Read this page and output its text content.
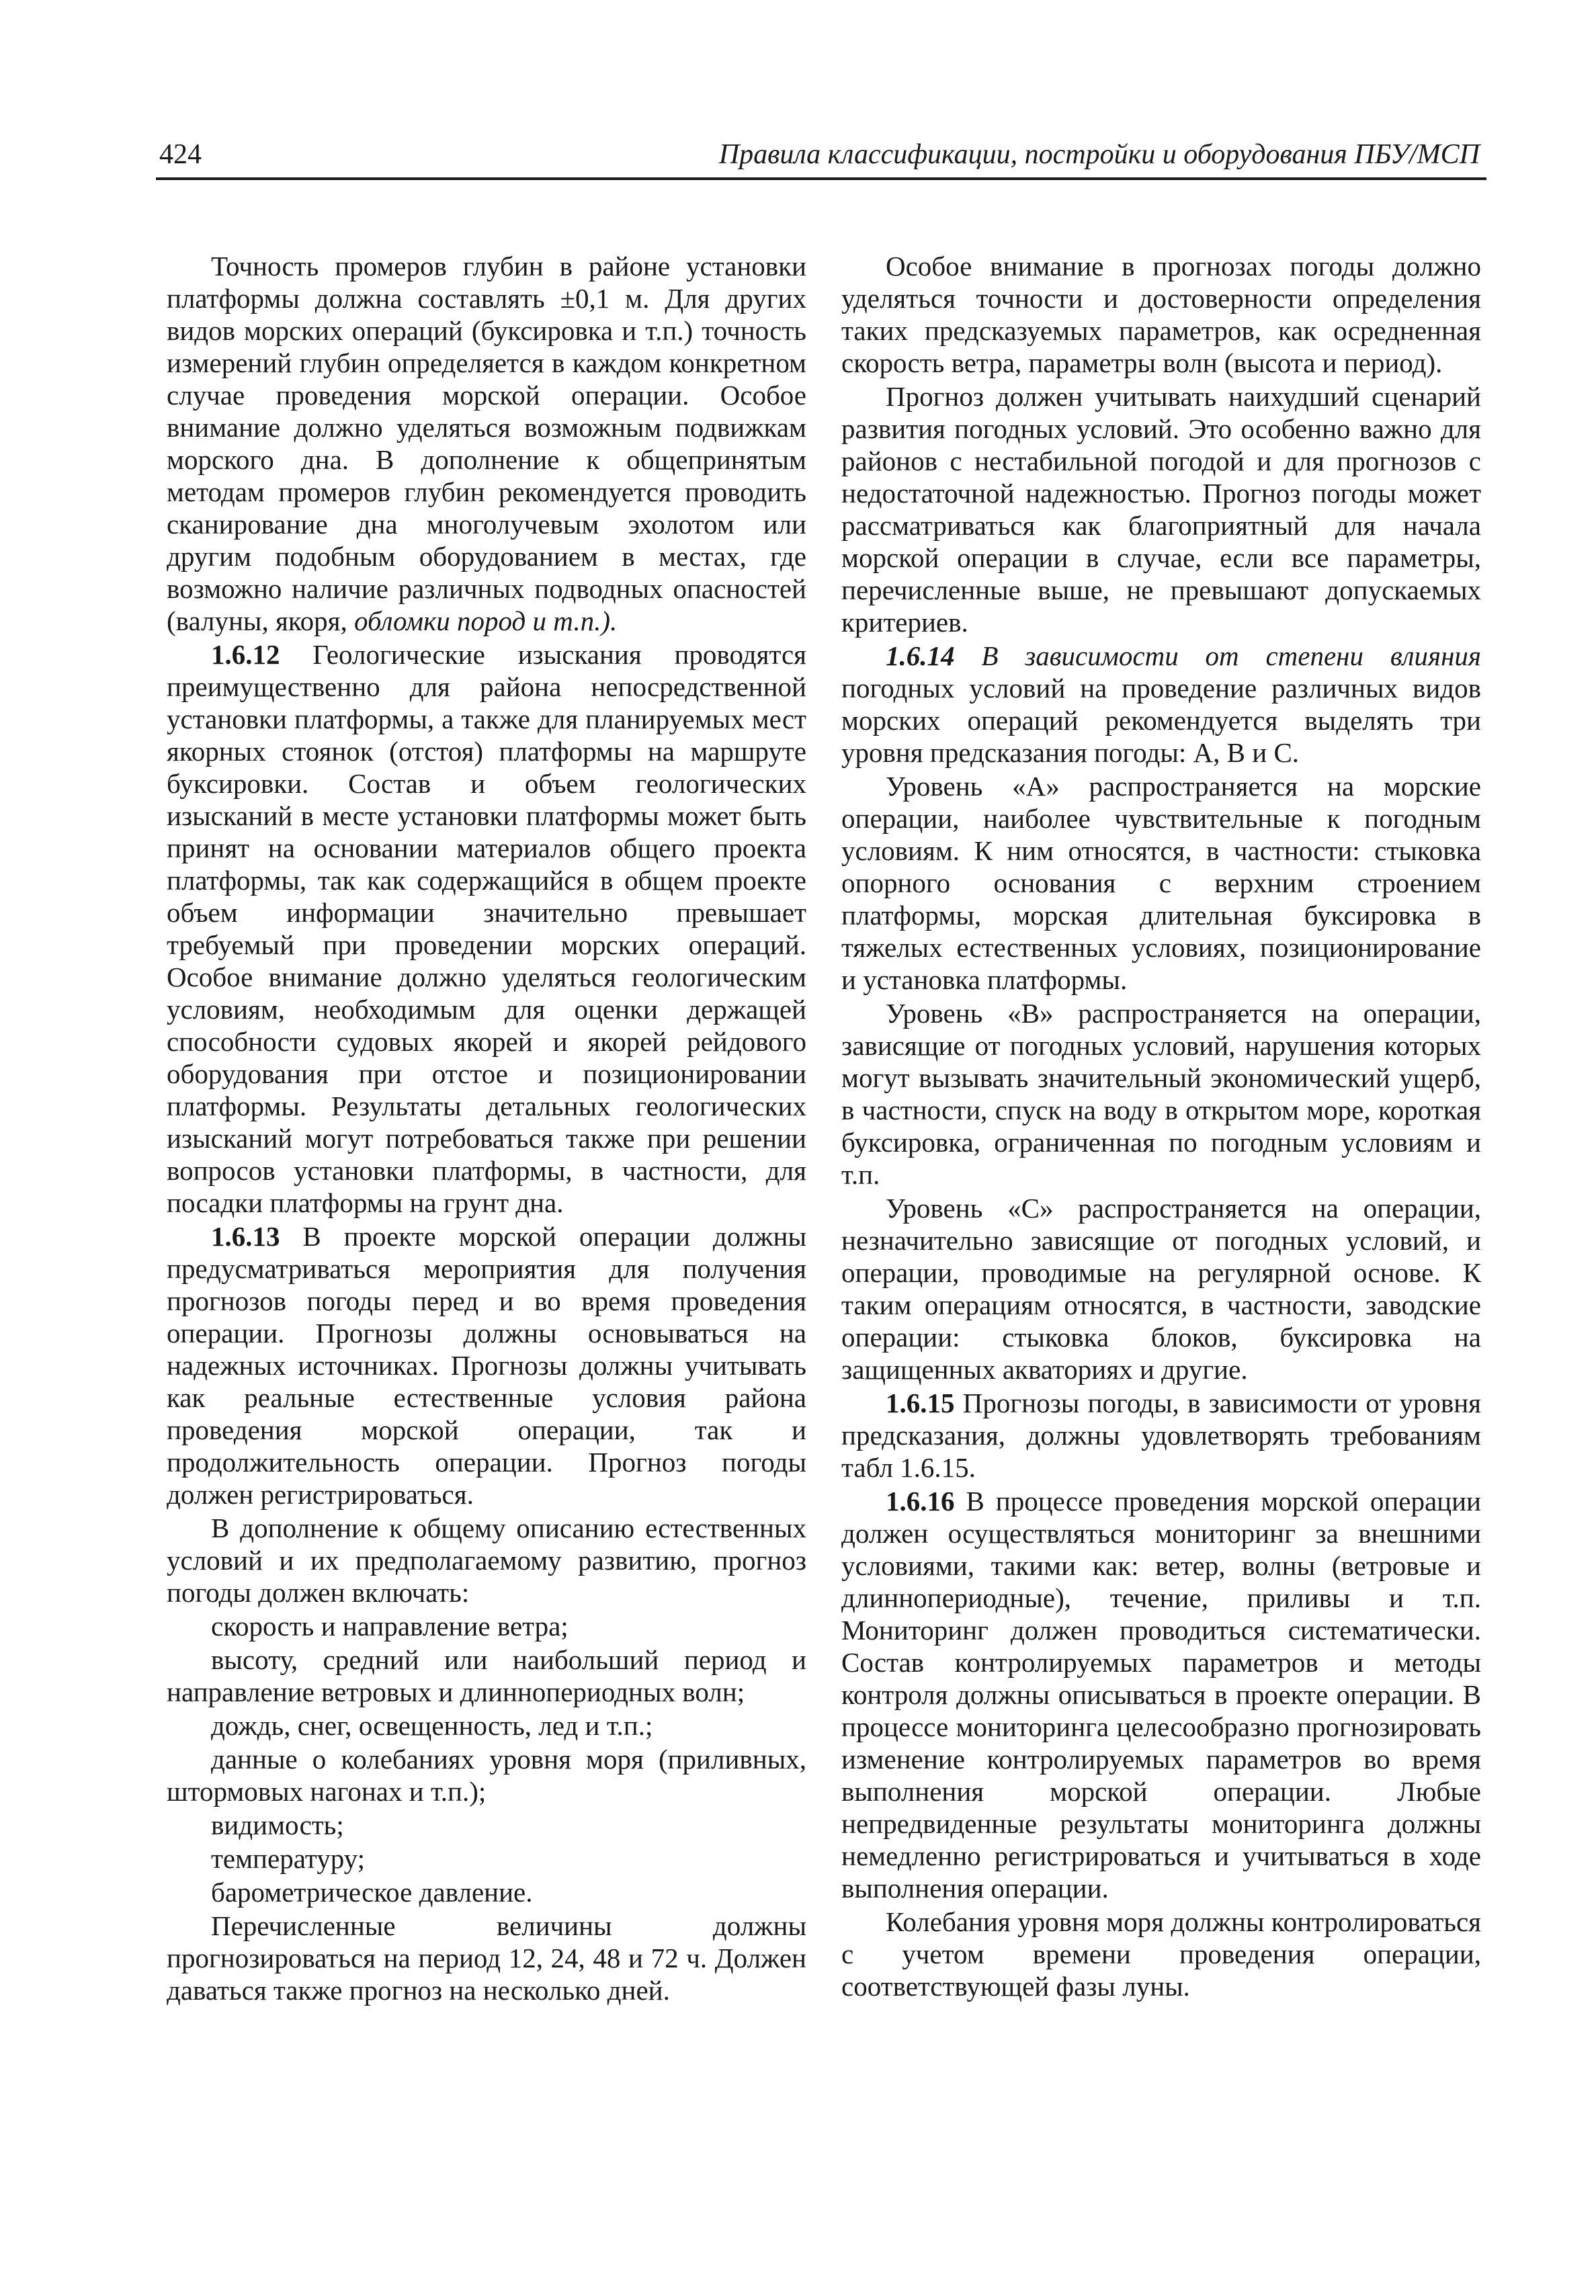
424	Правила классификации, постройки и оборудования ПБУ/МСП

Точность промеров глубин в районе установки платформы должна составлять ±0,1 м. Для других видов морских операций (буксировка и т.п.) точность измерений глубин определяется в каждом конкретном случае проведения морской операции. Особое внимание должно уделяться возможным подвижкам морского дна. В дополнение к общепринятым методам промеров глубин рекомендуется проводить сканирование дна многолучевым эхолотом или другим подобным оборудованием в местах, где возможно наличие различных подводных опасностей (валуны, якоря, обломки пород и т.п.).

1.6.12 Геологические изыскания проводятся преимущественно для района непосредственной установки платформы, а также для планируемых мест якорных стоянок (отстоя) платформы на маршруте буксировки. Состав и объем геологических изысканий в месте установки платформы может быть принят на основании материалов общего проекта платформы, так как содержащийся в общем проекте объем информации значительно превышает требуемый при проведении морских операций. Особое внимание должно уделяться геологическим условиям, необходимым для оценки держащей способности судовых якорей и якорей рейдового оборудования при отстое и позиционировании платформы. Результаты детальных геологических изысканий могут потребоваться также при решении вопросов установки платформы, в частности, для посадки платформы на грунт дна.

1.6.13 В проекте морской операции должны предусматриваться мероприятия для получения прогнозов погоды перед и во время проведения операции. Прогнозы должны основываться на надежных источниках. Прогнозы должны учитывать как реальные естественные условия района проведения морской операции, так и продолжительность операции. Прогноз погоды должен регистрироваться.

В дополнение к общему описанию естественных условий и их предполагаемому развитию, прогноз погоды должен включать:

скорость и направление ветра;

высоту, средний или наибольший период и направление ветровых и длиннопериодных волн;

дождь, снег, освещенность, лед и т.п.;

данные о колебаниях уровня моря (приливных, штормовых нагонах и т.п.);

видимость;

температуру;

барометрическое давление.

Перечисленные величины должны прогнозироваться на период 12, 24, 48 и 72 ч. Должен даваться также прогноз на несколько дней.

Особое внимание в прогнозах погоды должно уделяться точности и достоверности определения таких предсказуемых параметров, как осредненная скорость ветра, параметры волн (высота и период).

Прогноз должен учитывать наихудший сценарий развития погодных условий. Это особенно важно для районов с нестабильной погодой и для прогнозов с недостаточной надежностью. Прогноз погоды может рассматриваться как благоприятный для начала морской операции в случае, если все параметры, перечисленные выше, не превышают допускаемых критериев.

1.6.14 В зависимости от степени влияния погодных условий на проведение различных видов морских операций рекомендуется выделять три уровня предсказания погоды: А, В и С.

Уровень «А» распространяется на морские операции, наиболее чувствительные к погодным условиям. К ним относятся, в частности: стыковка опорного основания с верхним строением платформы, морская длительная буксировка в тяжелых естественных условиях, позиционирование и установка платформы.

Уровень «В» распространяется на операции, зависящие от погодных условий, нарушения которых могут вызывать значительный экономический ущерб, в частности, спуск на воду в открытом море, короткая буксировка, ограниченная по погодным условиям и т.п.

Уровень «С» распространяется на операции, незначительно зависящие от погодных условий, и операции, проводимые на регулярной основе. К таким операциям относятся, в частности, заводские операции: стыковка блоков, буксировка на защищенных акваториях и другие.

1.6.15 Прогнозы погоды, в зависимости от уровня предсказания, должны удовлетворять требованиям табл 1.6.15.

1.6.16 В процессе проведения морской операции должен осуществляться мониторинг за внешними условиями, такими как: ветер, волны (ветровые и длиннопериодные), течение, приливы и т.п. Мониторинг должен проводиться систематически. Состав контролируемых параметров и методы контроля должны описываться в проекте операции. В процессе мониторинга целесообразно прогнозировать изменение контролируемых параметров во время выполнения морской операции. Любые непредвиденные результаты мониторинга должны немедленно регистрироваться и учитываться в ходе выполнения операции.

Колебания уровня моря должны контролироваться с учетом времени проведения операции, соответствующей фазы луны.
